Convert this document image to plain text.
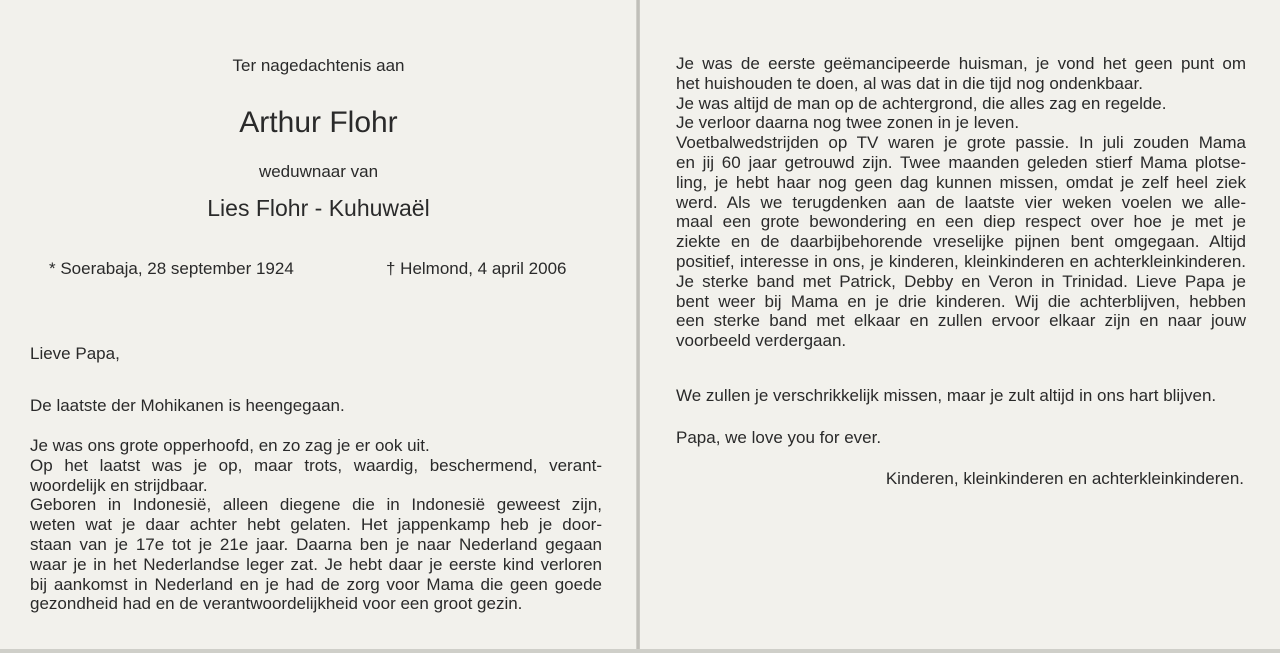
Ter nagedachtenis aan
Arthur Flohr
weduwnaar van
Lies Flohr - Kuhuwaël
* Soerabaja, 28 september 1924	† Helmond, 4 april 2006
Lieve Papa,
De laatste der Mohikanen is heengegaan.
Je was ons grote opperhoofd, en zo zag je er ook uit.
Op het laatst was je op, maar trots, waardig, beschermend, verant-
woordelijk en strijdbaar.
Geboren in Indonesië, alleen diegene die in Indonesië geweest zijn,
weten wat je daar achter hebt gelaten. Het jappenkamp heb je door-
staan van je 17e tot je 21e jaar. Daarna ben je naar Nederland gegaan
waar je in het Nederlandse leger zat. Je hebt daar je eerste kind verloren
bij aankomst in Nederland en je had de zorg voor Mama die geen goede
gezondheid had en de verantwoordelijkheid voor een groot gezin.
Je was de eerste geëmancipeerde huisman, je vond het geen punt om
het huishouden te doen, al was dat in die tijd nog ondenkbaar.
Je was altijd de man op de achtergrond, die alles zag en regelde.
Je verloor daarna nog twee zonen in je leven.
Voetbalwedstrijden op TV waren je grote passie. In juli zouden Mama
en jij 60 jaar getrouwd zijn. Twee maanden geleden stierf Mama plotse-
ling, je hebt haar nog geen dag kunnen missen, omdat je zelf heel ziek
werd. Als we terugdenken aan de laatste vier weken voelen we alle-
maal een grote bewondering en een diep respect over hoe je met je
ziekte en de daarbijbehorende vreselijke pijnen bent omgegaan. Altijd
positief, interesse in ons, je kinderen, kleinkinderen en achterkleinkinderen.
Je sterke band met Patrick, Debby en Veron in Trinidad. Lieve Papa je
bent weer bij Mama en je drie kinderen. Wij die achterblijven, hebben
een sterke band met elkaar en zullen ervoor elkaar zijn en naar jouw
voorbeeld verdergaan.
We zullen je verschrikkelijk missen, maar je zult altijd in ons hart blijven.
Papa, we love you for ever.
Kinderen, kleinkinderen en achterkleinkinderen.
